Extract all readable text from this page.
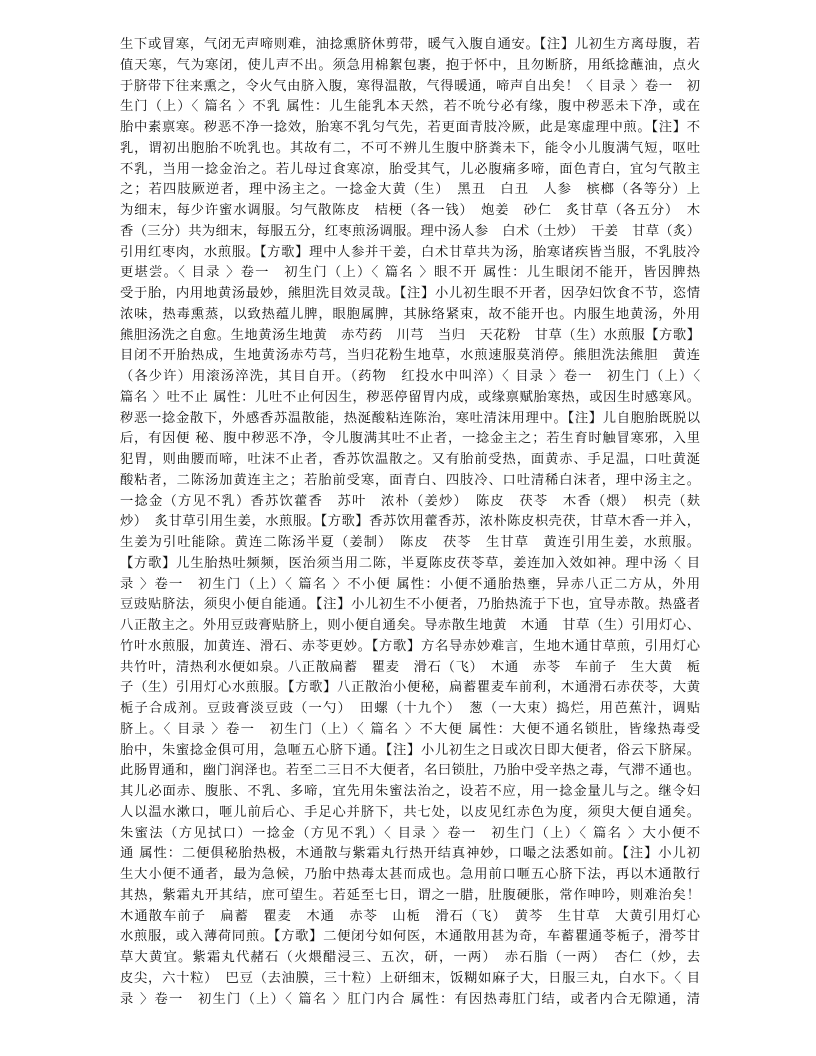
生下或冒寒，气闭无声啼则难，油捻熏脐休剪带，暖气入腹自通安。【注】儿初生方离母腹，若
值天寒，气为寒闭，使儿声不出。须急用棉絮包裹，抱于怀中，且勿断脐，用纸捻蘸油，点火
于脐带下往来熏之，令火气由脐入腹，寒得温散，气得暖通，啼声自出矣！〈 目录 〉卷一　初
生门（上）〈 篇名 〉不乳 属性：儿生能乳本天然，若不吮兮必有缘，腹中秽恶未下净，或在
胎中素禀寒。秽恶不净一捻效，胎寒不乳匀气先，若更面青肢冷厥，此是寒虚理中煎。【注】不
乳，谓初出胞胎不吮乳也。其故有二，不可不辨儿生腹中脐粪未下，能令小儿腹满气短，呕吐
不乳，当用一捻金治之。若儿母过食寒凉，胎受其气，儿必腹痛多啼，面色青白，宜匀气散主
之；若四肢厥逆者，理中汤主之。一捻金大黄（生）　黑丑　白丑　人参　槟榔（各等分）上
为细末，每少许蜜水调服。匀气散陈皮　桔梗（各一钱）　炮姜　砂仁　炙甘草（各五分）　木
香（三分）共为细末，每服五分，红枣煎汤调服。理中汤人参　白术（土炒）　干姜　甘草（炙）
引用红枣肉，水煎服。【方歌】理中人参并干姜，白术甘草共为汤，胎寒诸疾皆当服，不乳肢冷
更堪尝。〈 目录 〉卷一　初生门（上）〈 篇名 〉眼不开 属性：儿生眼闭不能开，皆因脾热
受于胎，内用地黄汤最妙，熊胆洗目效灵哉。【注】小儿初生眼不开者，因孕妇饮食不节，恣情
浓味，热毒熏蒸，以致热蕴儿脾，眼胞属脾，其脉络紧束，故不能开也。内服生地黄汤，外用
熊胆汤洗之自愈。生地黄汤生地黄　赤芍药　川芎　当归　天花粉　甘草（生）水煎服【方歌】
目闭不开胎热成，生地黄汤赤芍芎，当归花粉生地草，水煎速服莫消停。熊胆洗法熊胆　黄连
（各少许）用滚汤淬洗，其目自开。（药物　红投水中叫淬）〈 目录 〉卷一　初生门（上）〈
篇名 〉吐不止 属性：儿吐不止何因生，秽恶停留胃内成，或缘禀赋胎寒热，或因生时感寒风。
秽恶一捻金散下，外感香苏温散能，热涎酸粘连陈治，寒吐清沫用理中。【注】儿自胞胎既脱以
后，有因便 秘、腹中秽恶不净，令儿腹满其吐不止者，一捻金主之；若生育时触冒寒邪，入里
犯胃，则曲腰而啼，吐沫不止者，香苏饮温散之。又有胎前受热，面黄赤、手足温，口吐黄涎
酸粘者，二陈汤加黄连主之；若胎前受寒，面青白、四肢冷、口吐清稀白沫者，理中汤主之。
一捻金（方见不乳）香苏饮藿香　苏叶　浓朴（姜炒）　陈皮　茯苓　木香（煨）　枳壳（麸
炒）　炙甘草引用生姜，水煎服。【方歌】香苏饮用藿香苏，浓朴陈皮枳壳茯，甘草木香一并入，
生姜为引吐能除。黄连二陈汤半夏（姜制）　陈皮　茯苓　生甘草　黄连引用生姜，水煎服。
【方歌】儿生胎热吐频频，医治须当用二陈，半夏陈皮茯苓草，姜连加入效如神。理中汤〈 目
录 〉卷一　初生门（上）〈 篇名 〉不小便 属性：小便不通胎热壅，异赤八正二方从，外用
豆豉贴脐法，须臾小便自能通。【注】小儿初生不小便者，乃胎热流于下也，宜导赤散。热盛者
八正散主之。外用豆豉膏贴脐上，则小便自通矣。导赤散生地黄　木通　甘草（生）引用灯心、
竹叶水煎服，加黄连、滑石、赤苓更妙。【方歌】方名导赤妙难言，生地木通甘草煎，引用灯心
共竹叶，清热利水便如泉。八正散扁蓄　瞿麦　滑石（飞）　木通　赤苓　车前子　生大黄　栀
子（生）引用灯心水煎服。【方歌】八正散治小便秘，扁蓄瞿麦车前利，木通滑石赤茯苓，大黄
栀子合成剂。豆豉膏淡豆豉（一勺）　田螺（十九个）　葱（一大束）捣烂，用芭蕉汁，调贴
脐上。〈 目录 〉卷一　初生门（上）〈 篇名 〉不大便 属性：大便不通名锁肚，皆缘热毒受
胎中，朱蜜捻金俱可用，急咂五心脐下通。【注】小儿初生之日或次日即大便者，俗云下脐屎。
此肠胃通和，幽门润泽也。若至二三日不大便者，名曰锁肚，乃胎中受辛热之毒，气滞不通也。
其儿必面赤、腹胀、不乳、多啼，宜先用朱蜜法治之，设若不应，用一捻金量儿与之。继令妇
人以温水漱口，咂儿前后心、手足心并脐下，共七处，以皮见红赤色为度，须臾大便自通矣。
朱蜜法（方见拭口）一捻金（方见不乳）〈 目录 〉卷一　初生门（上）〈 篇名 〉大小便不
通 属性：二便俱秘胎热极，木通散与紫霜丸行热开结真神妙，口嘬之法悉如前。【注】小儿初
生大小便不通者，最为急候，乃胎中热毒太甚而成也。急用前口咂五心脐下法，再以木通散行
其热，紫霜丸开其结，庶可望生。若延至七日，谓之一腊，肚腹硬胀，常作呻吟，则难治矣！
木通散车前子　扁蓄　瞿麦　木通　赤苓　山栀　滑石（飞）　黄芩　生甘草　大黄引用灯心
水煎服，或入薄荷同煎。【方歌】二便闭兮如何医，木通散用甚为奇，车蓄瞿通苓栀子，滑芩甘
草大黄宜。紫霜丸代赭石（火煨醋浸三、五次，研，一两）　赤石脂（一两）　杏仁（炒，去
皮尖，六十粒）　巴豆（去油膜，三十粒）上研细末，饭糊如麻子大，日服三丸，白水下。〈 目
录 〉卷一　初生门（上）〈 篇名 〉肛门内合 属性：有因热毒肛门结，或者内合无隙通，清
